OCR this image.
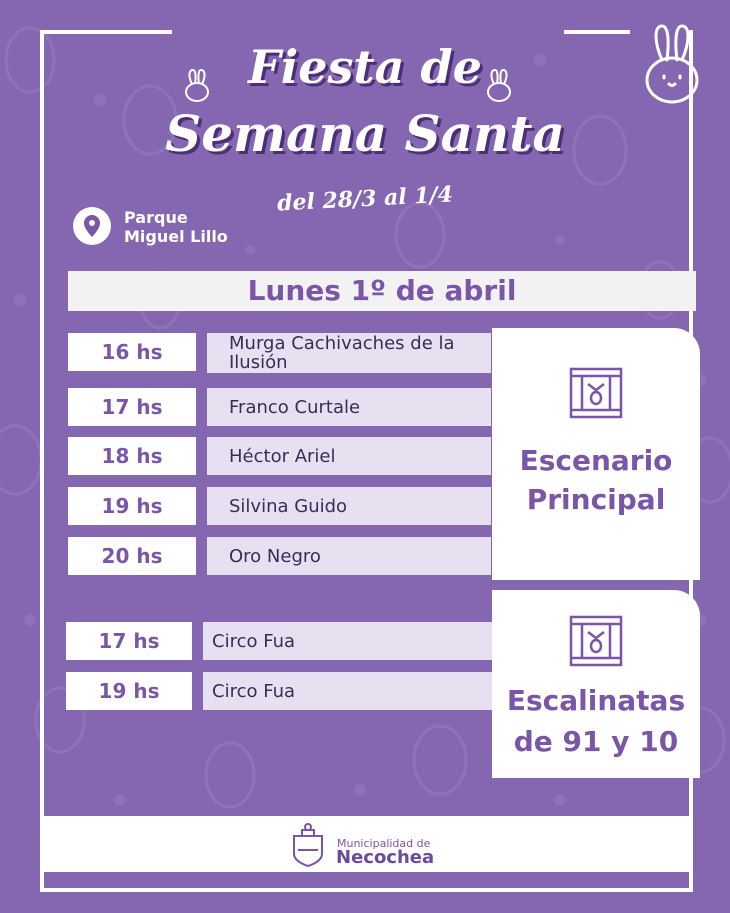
Fiesta de
Semana Santa
del 28/3 al 1/4
Parque
Miguel Lillo
Lunes 1º de abril
Escenario
Principal
16 hs	Murga Cachivaches de la Ilusión
17 hs	Franco Curtale
18 hs	Héctor Ariel
19 hs	Silvina Guido
20 hs	Oro Negro
Escalinatas
de 91 y 10
17 hs	Circo Fua
19 hs	Circo Fua
Municipalidad de
Necochea
